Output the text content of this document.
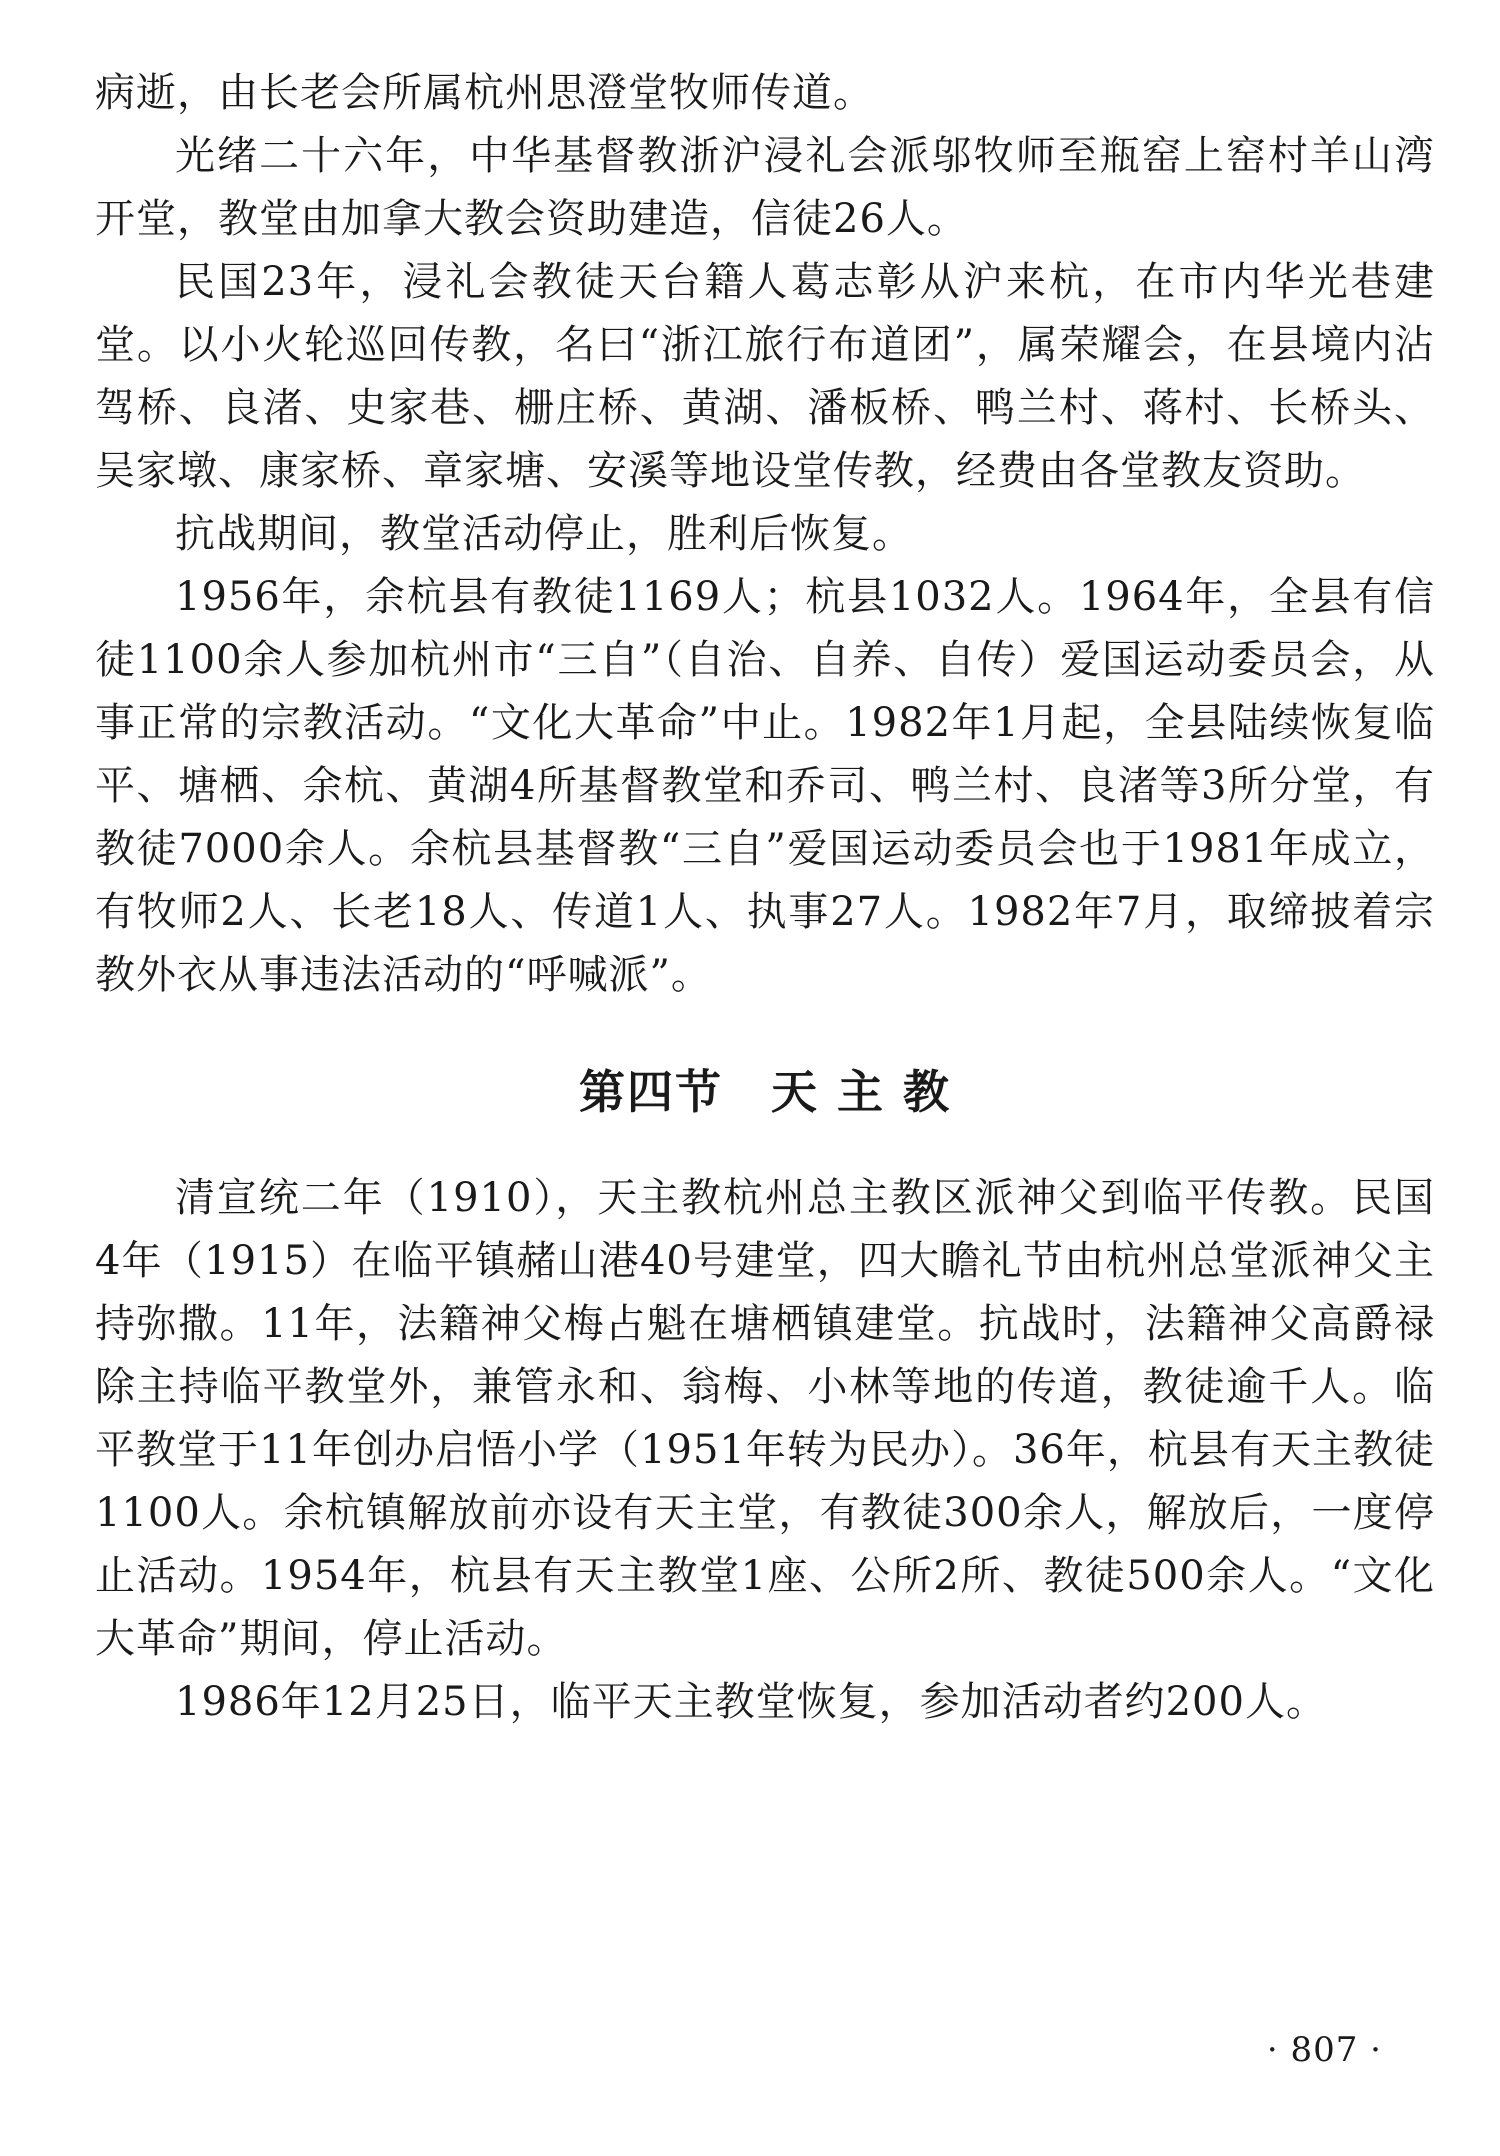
病逝，由长老会所属杭州思澄堂牧师传道。

光绪二十六年，中华基督教浙沪浸礼会派邬牧师至瓶窑上窑村羊山湾开堂，教堂由加拿大教会资助建造，信徒26人。

民国23年，浸礼会教徒天台籍人葛志彰从沪来杭，在市内华光巷建堂。以小火轮巡回传教，名曰“浙江旅行布道团”，属荣耀会，在县境内沾驾桥、良渚、史家巷、栅庄桥、黄湖、潘板桥、鸭兰村、蒋村、长桥头、吴家墩、康家桥、章家塘、安溪等地设堂传教，经费由各堂教友资助。

抗战期间，教堂活动停止，胜利后恢复。

1956年，余杭县有教徒1169人；杭县1032人。1964年，全县有信徒1100余人参加杭州市“三自”（自治、自养、自传）爱国运动委员会，从事正常的宗教活动。“文化大革命”中止。1982年1月起，全县陆续恢复临平、塘栖、余杭、黄湖4所基督教堂和乔司、鸭兰村、良渚等3所分堂，有教徒7000余人。余杭县基督教“三自”爱国运动委员会也于1981年成立，有牧师2人、长老18人、传道1人、执事27人。1982年7月，取缔披着宗教外衣从事违法活动的“呼喊派”。

第四节 天 主 教

清宣统二年（1910），天主教杭州总主教区派神父到临平传教。民国4年（1915）在临平镇赭山港40号建堂，四大瞻礼节由杭州总堂派神父主持弥撒。11年，法籍神父梅占魁在塘栖镇建堂。抗战时，法籍神父高爵禄除主持临平教堂外，兼管永和、翁梅、小林等地的传道，教徒逾千人。临平教堂于11年创办启悟小学（1951年转为民办）。36年，杭县有天主教徒1100人。余杭镇解放前亦设有天主堂，有教徒300余人，解放后，一度停止活动。1954年，杭县有天主教堂1座、公所2所、教徒500余人。“文化大革命”期间，停止活动。

1986年12月25日，临平天主教堂恢复，参加活动者约200人。

· 807 ·
